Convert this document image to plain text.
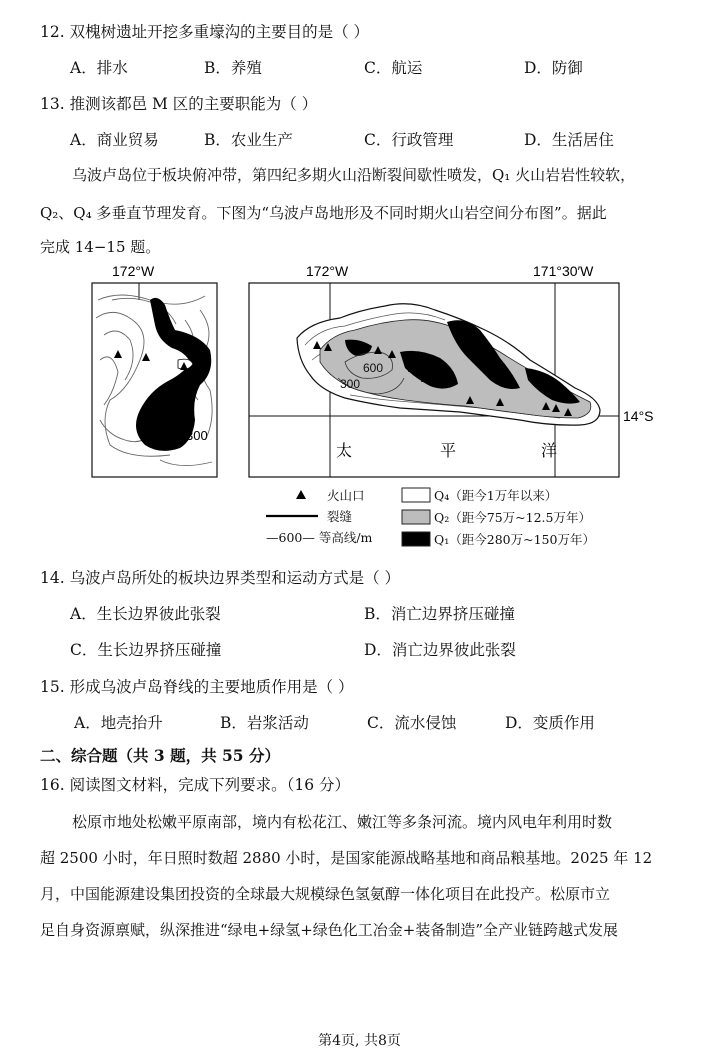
12. 双槐树遗址开挖多重壕沟的主要目的是（ ）
A．排水	B．养殖	C．航运	D．防御
13. 推测该都邑 M 区的主要职能为（ ）
A．商业贸易	B．农业生产	C．行政管理	D．生活居住
乌波卢岛位于板块俯冲带，第四纪多期火山沿断裂间歇性喷发，Q₁ 火山岩岩性较软，
Q₂、Q₄ 多垂直节理发育。下图为“乌波卢岛地形及不同时期火山岩空间分布图”。据此
完成 14−15 题。
172°W	172°W	171°30′W
300
600
300
14°S
太	平	洋
火山口
裂缝
—600— 等高线/m
Q₄（距今1万年以来）
Q₂（距今75万~12.5万年）
Q₁（距今280万~150万年）
14. 乌波卢岛所处的板块边界类型和运动方式是（ ）
A．生长边界彼此张裂	B．消亡边界挤压碰撞
C．生长边界挤压碰撞	D．消亡边界彼此张裂
15. 形成乌波卢岛脊线的主要地质作用是（ ）
A．地壳抬升	B．岩浆活动	C．流水侵蚀	D．变质作用
二、综合题（共 3 题，共 55 分）
16. 阅读图文材料，完成下列要求。（16 分）
松原市地处松嫩平原南部，境内有松花江、嫩江等多条河流。境内风电年利用时数
超 2500 小时，年日照时数超 2880 小时，是国家能源战略基地和商品粮基地。2025 年 12
月，中国能源建设集团投资的全球最大规模绿色氢氨醇一体化项目在此投产。松原市立
足自身资源禀赋，纵深推进“绿电+绿氢+绿色化工冶金+装备制造”全产业链跨越式发展
第4页, 共8页
